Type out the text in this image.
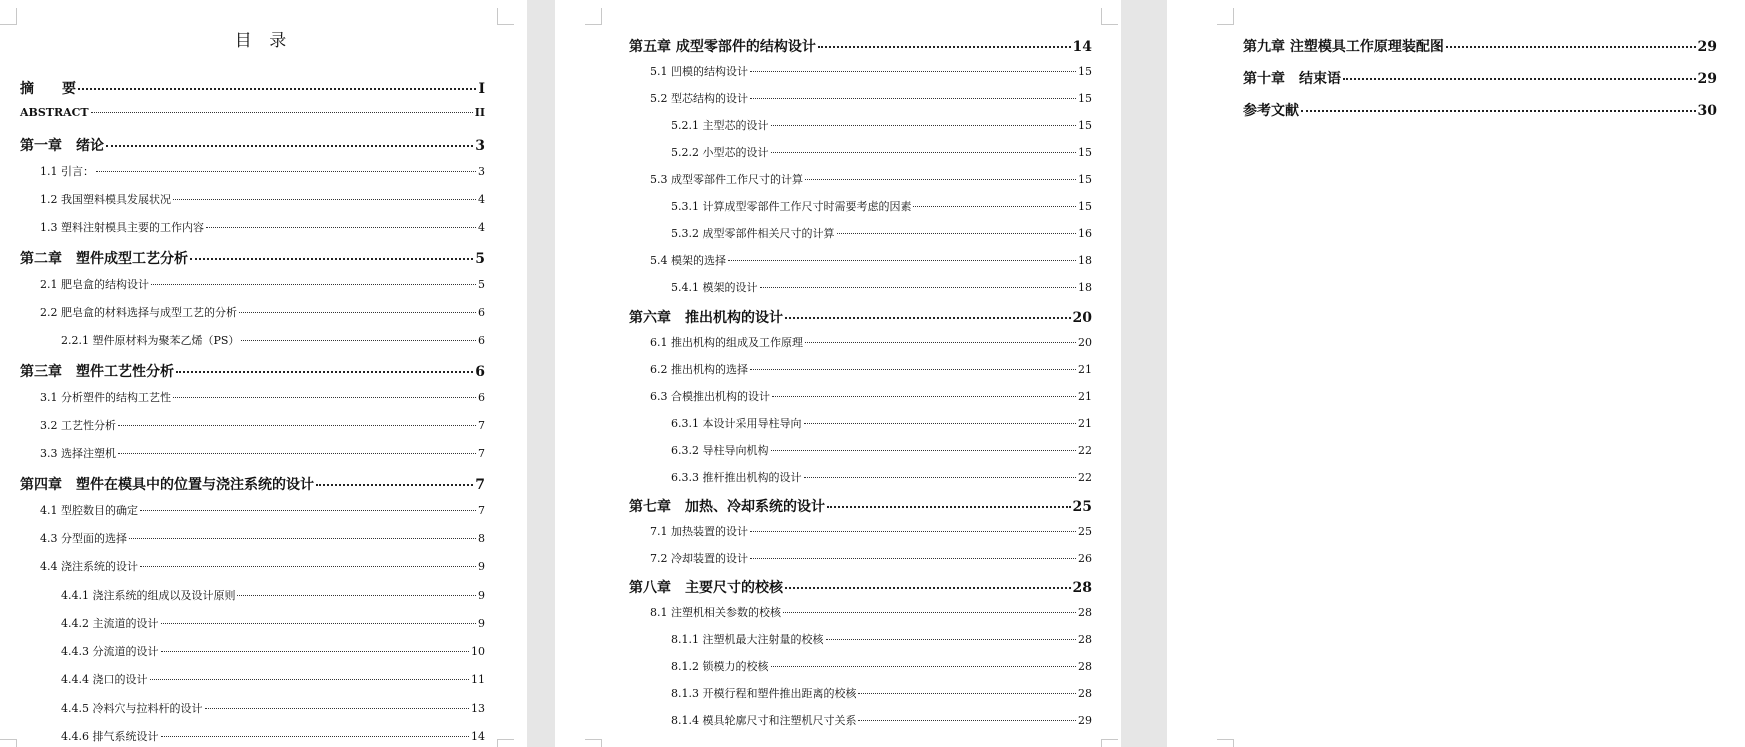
目 录
摘　　要	I
ABSTRACT	II
第一章　绪论	3
1.1 引言：	3
1.2 我国塑料模具发展状况	4
1.3 塑料注射模具主要的工作内容	4
第二章　塑件成型工艺分析	5
2.1 肥皂盒的结构设计	5
2.2 肥皂盒的材料选择与成型工艺的分析	6
2.2.1 塑件原材料为聚苯乙烯（PS）	6
第三章　塑件工艺性分析	6
3.1 分析塑件的结构工艺性	6
3.2 工艺性分析	7
3.3 选择注塑机	7
第四章　塑件在模具中的位置与浇注系统的设计	7
4.1 型腔数目的确定	7
4.3 分型面的选择	8
4.4 浇注系统的设计	9
4.4.1 浇注系统的组成以及设计原则	9
4.4.2 主流道的设计	9
4.4.3 分流道的设计	10
4.4.4 浇口的设计	11
4.4.5 冷料穴与拉料杆的设计	13
4.4.6 排气系统设计	14
第五章 成型零部件的结构设计	14
5.1 凹模的结构设计	15
5.2 型芯结构的设计	15
5.2.1 主型芯的设计	15
5.2.2 小型芯的设计	15
5.3 成型零部件工作尺寸的计算	15
5.3.1 计算成型零部件工作尺寸时需要考虑的因素	15
5.3.2 成型零部件相关尺寸的计算	16
5.4 模架的选择	18
5.4.1 模架的设计	18
第六章　推出机构的设计	20
6.1 推出机构的组成及工作原理	20
6.2 推出机构的选择	21
6.3 合模推出机构的设计	21
6.3.1 本设计采用导柱导向	21
6.3.2 导柱导向机构	22
6.3.3 推杆推出机构的设计	22
第七章　加热、冷却系统的设计	25
7.1 加热装置的设计	25
7.2 冷却装置的设计	26
第八章　主要尺寸的校核	28
8.1 注塑机相关参数的校核	28
8.1.1 注塑机最大注射量的校核	28
8.1.2 锁模力的校核	28
8.1.3 开模行程和塑件推出距离的校核	28
8.1.4 模具轮廓尺寸和注塑机尺寸关系	29
第九章 注塑模具工作原理装配图	29
第十章　结束语	29
参考文献	30
